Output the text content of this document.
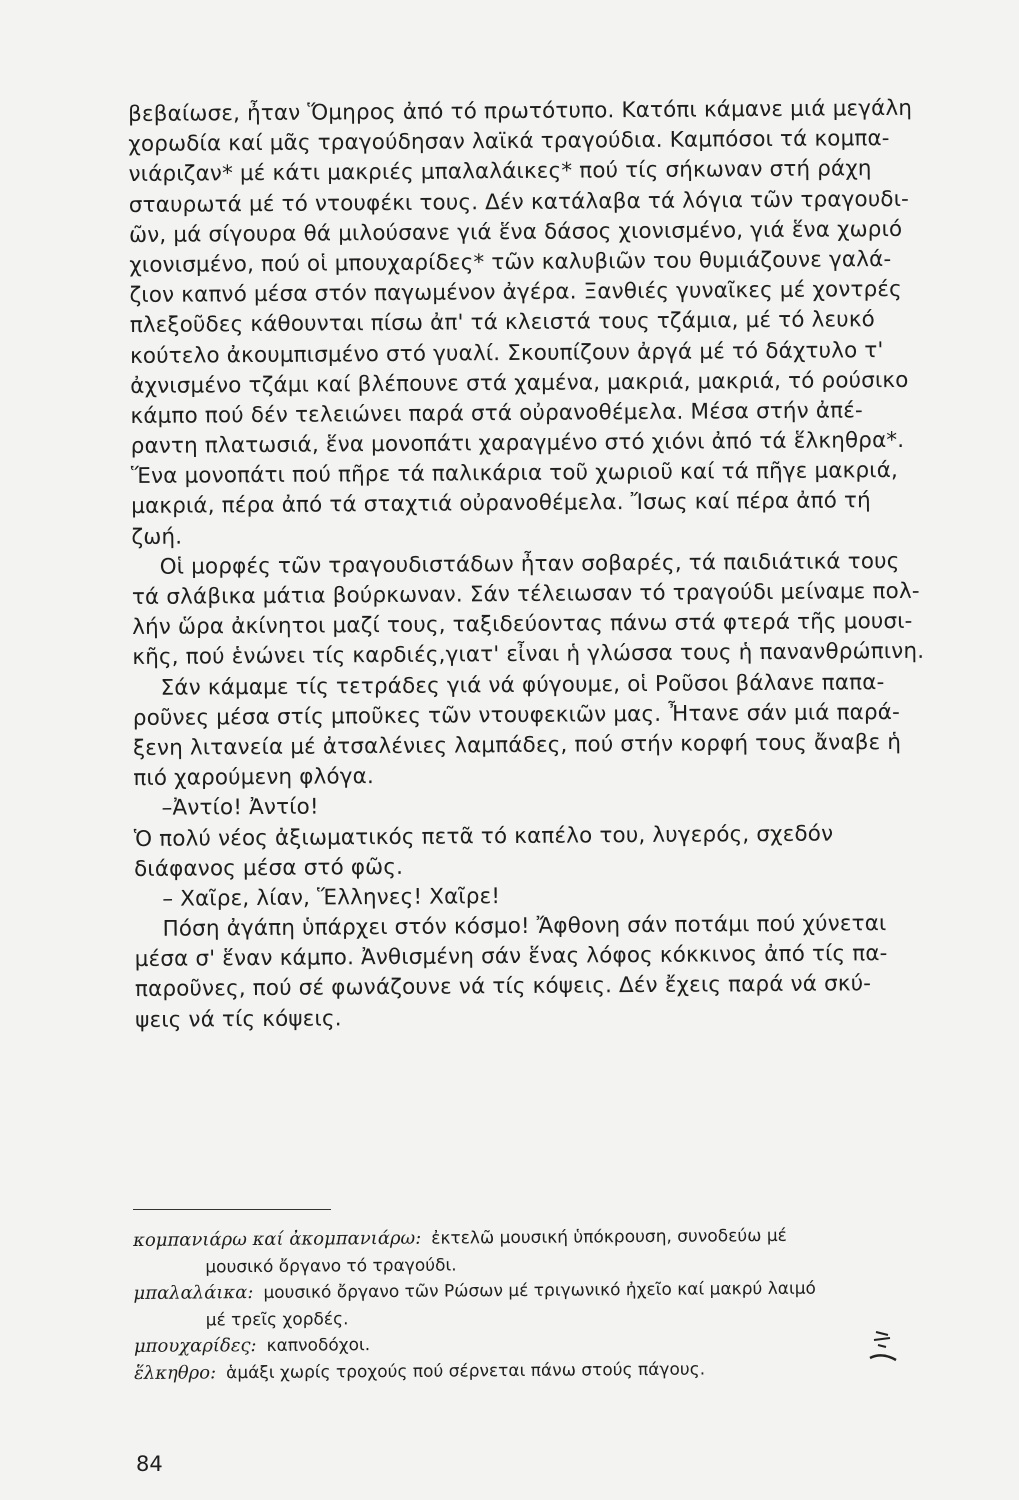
βεβαίωσε, ἦταν Ὅμηρος ἀπό τό πρωτότυπο. Κατόπι κάμανε μιά μεγάλη
χορωδία καί μᾶς τραγούδησαν λαϊκά τραγούδια. Καμπόσοι τά κομπα-
νιάριζαν* μέ κάτι μακριές μπαλαλάικες* πού τίς σήκωναν στή ράχη
σταυρωτά μέ τό ντουφέκι τους. Δέν κατάλαβα τά λόγια τῶν τραγουδι-
ῶν, μά σίγουρα θά μιλούσανε γιά ἕνα δάσος χιονισμένο, γιά ἕνα χωριό
χιονισμένο, πού οἱ μπουχαρίδες* τῶν καλυβιῶν του θυμιάζουνε γαλά-
ζιον καπνό μέσα στόν παγωμένον ἀγέρα. Ξανθιές γυναῖκες μέ χοντρές
πλεξοῦδες κάθουνται πίσω ἀπ' τά κλειστά τους τζάμια, μέ τό λευκό
κούτελο ἀκουμπισμένο στό γυαλί. Σκουπίζουν ἀργά μέ τό δάχτυλο τ'
ἀχνισμένο τζάμι καί βλέπουνε στά χαμένα, μακριά, μακριά, τό ρούσικο
κάμπο πού δέν τελειώνει παρά στά οὐρανοθέμελα. Μέσα στήν ἀπέ-
ραντη πλατωσιά, ἕνα μονοπάτι χαραγμένο στό χιόνι ἀπό τά ἕλκηθρα*.
Ἕνα μονοπάτι πού πῆρε τά παλικάρια τοῦ χωριοῦ καί τά πῆγε μακριά,
μακριά, πέρα ἀπό τά σταχτιά οὐρανοθέμελα. Ἴσως καί πέρα ἀπό τή
ζωή.
Οἱ μορφές τῶν τραγουδιστάδων ἦταν σοβαρές, τά παιδιάτικά τους
τά σλάβικα μάτια βούρκωναν. Σάν τέλειωσαν τό τραγούδι μείναμε πολ-
λήν ὥρα ἀκίνητοι μαζί τους, ταξιδεύοντας πάνω στά φτερά τῆς μουσι-
κῆς, πού ἑνώνει τίς καρδιές,γιατ' εἶναι ἡ γλώσσα τους ἡ πανανθρώπινη.
Σάν κάμαμε τίς τετράδες γιά νά φύγουμε, οἱ Ροῦσοι βάλανε παπα-
ροῦνες μέσα στίς μποῦκες τῶν ντουφεκιῶν μας. Ἦτανε σάν μιά παρά-
ξενη λιτανεία μέ ἀτσαλένιες λαμπάδες, πού στήν κορφή τους ἄναβε ἡ
πιό χαρούμενη φλόγα.
–Ἀντίο! Ἀντίο!
Ὁ πολύ νέος ἀξιωματικός πετᾶ τό καπέλο του, λυγερός, σχεδόν
διάφανος μέσα στό φῶς.
– Χαῖρε, λίαν, Ἕλληνες! Χαῖρε!
Πόση ἀγάπη ὑπάρχει στόν κόσμο! Ἄφθονη σάν ποτάμι πού χύνεται
μέσα σ' ἕναν κάμπο. Ἀνθισμένη σάν ἕνας λόφος κόκκινος ἀπό τίς πα-
παροῦνες, πού σέ φωνάζουνε νά τίς κόψεις. Δέν ἔχεις παρά νά σκύ-
ψεις νά τίς κόψεις.
κομπανιάρω καί ἀκομπανιάρω: ἐκτελῶ μουσική ὑπόκρουση, συνοδεύω μέ
μουσικό ὄργανο τό τραγούδι.
μπαλαλάικα: μουσικό ὄργανο τῶν Ρώσων μέ τριγωνικό ἠχεῖο καί μακρύ λαιμό
μέ τρεῖς χορδές.
μπουχαρίδες: καπνοδόχοι.
ἕλκηθρο: ἁμάξι χωρίς τροχούς πού σέρνεται πάνω στούς πάγους.
84
